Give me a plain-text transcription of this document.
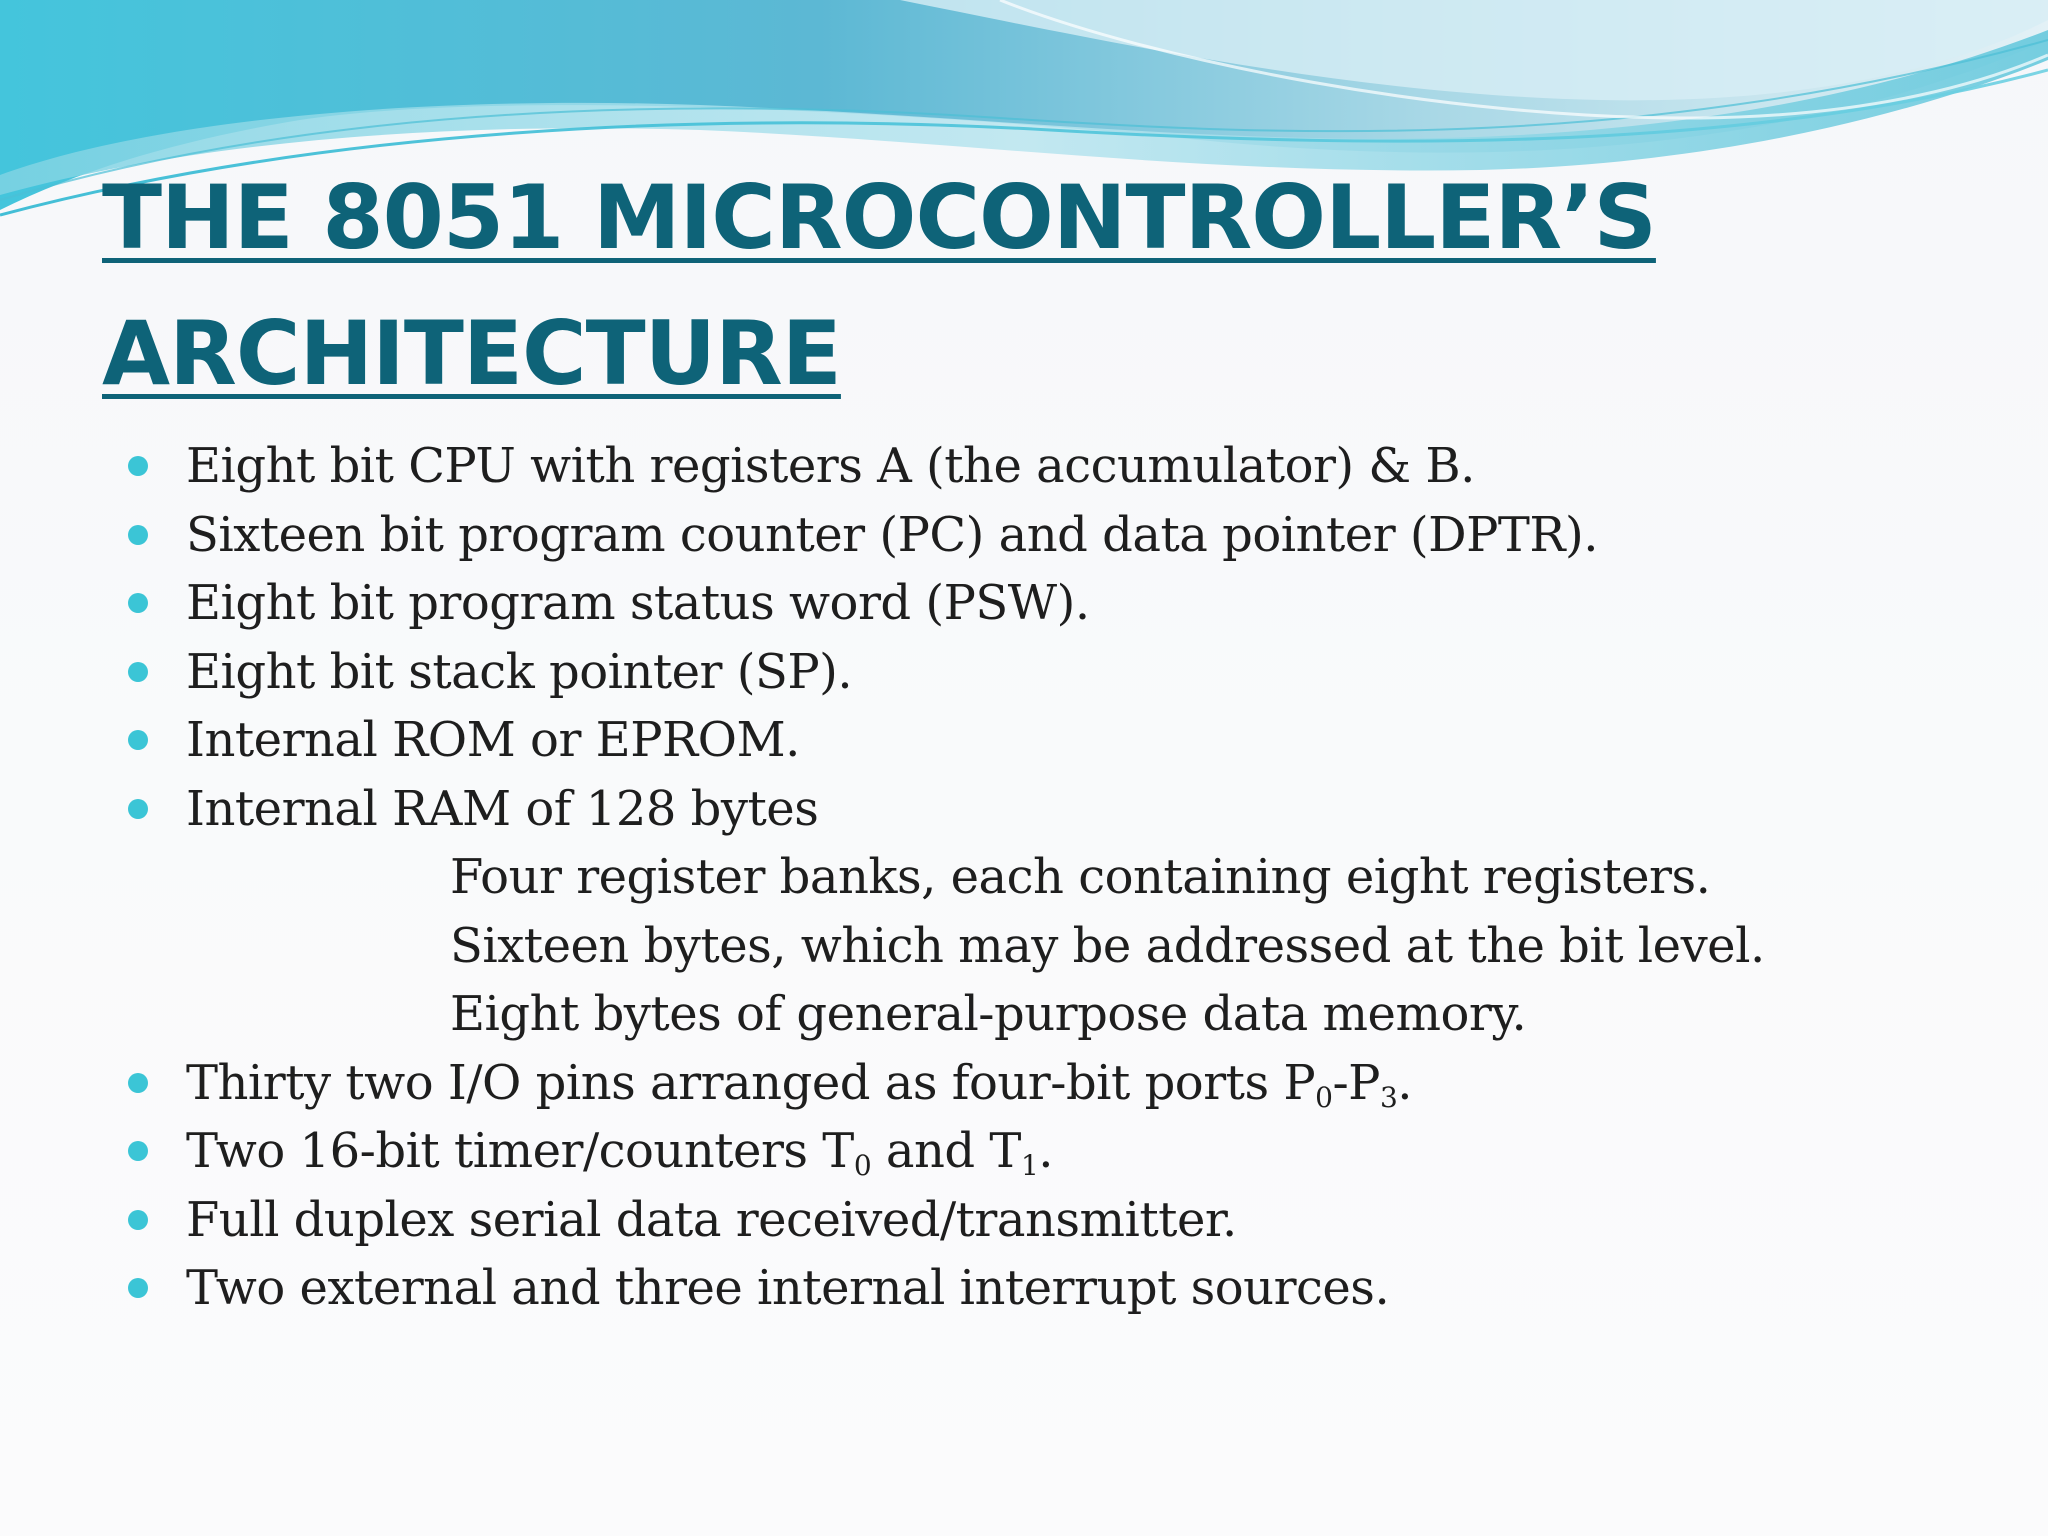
THE 8051 MICROCONTROLLER’S
ARCHITECTURE
Eight bit CPU with registers A (the accumulator) & B.
Sixteen bit program counter (PC) and data pointer (DPTR).
Eight bit program status word (PSW).
Eight bit stack pointer (SP).
Internal ROM or EPROM.
Internal RAM of 128 bytes
Four register banks, each containing eight registers.
Sixteen bytes, which may be addressed at the bit level.
Eight bytes of general-purpose data memory.
Thirty two I/O pins arranged as four-bit ports $P_0-P_3$.
Two 16-bit timer/counters $T_0$ and $T_1$.
Full duplex serial data received/transmitter.
Two external and three internal interrupt sources.
